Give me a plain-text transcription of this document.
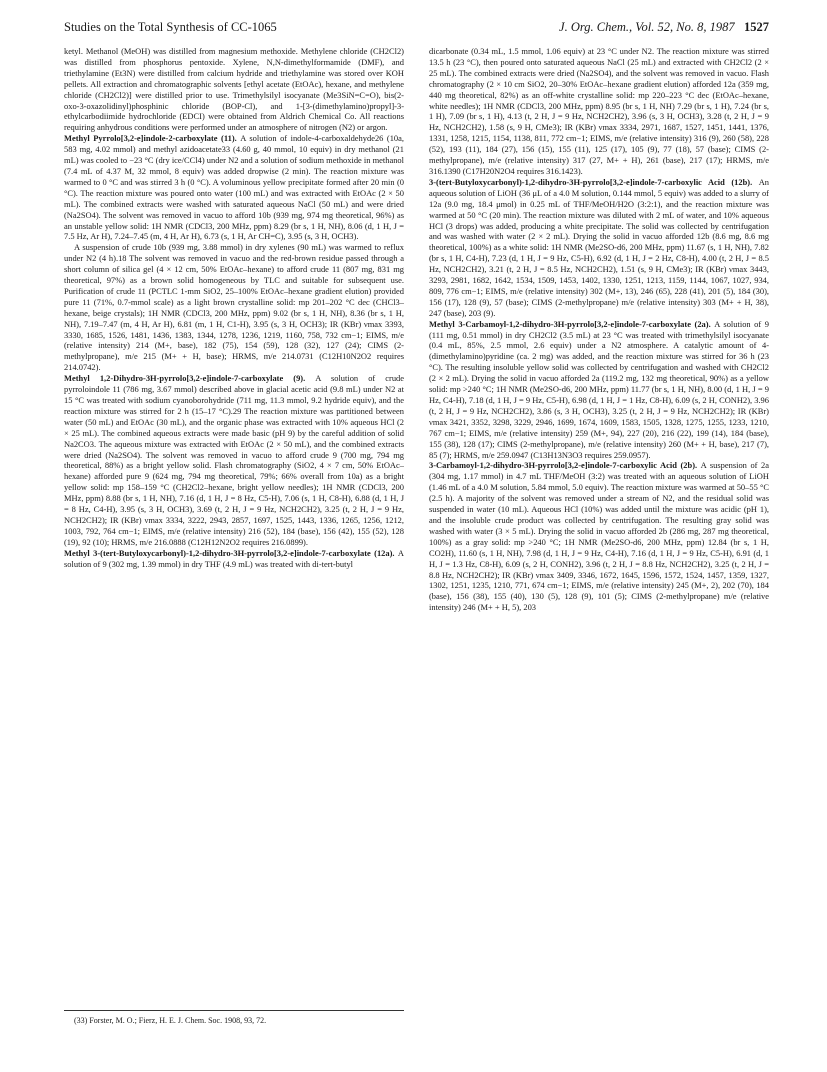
Studies on the Total Synthesis of CC-1065	J. Org. Chem., Vol. 52, No. 8, 1987 1527

ketyl. Methanol (MeOH) was distilled from magnesium methoxide. Methylene chloride (CH2Cl2) was distilled from phosphorus pentoxide. Xylene, N,N-dimethylformamide (DMF), and triethylamine (Et3N) were distilled from calcium hydride and triethylamine was stored over KOH pellets. All extraction and chromatographic solvents [ethyl acetate (EtOAc), hexane, and methylene chloride (CH2Cl2)] were distilled prior to use. Trimethylsilyl isocyanate (Me3SiN=C=O), bis(2-oxo-3-oxazolidinyl)phosphinic chloride (BOP-Cl), and 1-[3-(dimethylamino)propyl]-3-ethylcarbodiimide hydrochloride (EDCI) were obtained from Aldrich Chemical Co. All reactions requiring anhydrous conditions were performed under an atmosphere of nitrogen (N2) or argon.

Methyl Pyrrolo[3,2-e]indole-2-carboxylate (11). A solution of indole-4-carboxaldehyde26 (10a, 583 mg, 4.02 mmol) and methyl azidoacetate33 (4.60 g, 40 mmol, 10 equiv) in dry methanol (21 mL) was cooled to −23 °C (dry ice/CCl4) under N2 and a solution of sodium methoxide in methanol (7.4 mL of 4.37 M, 32 mmol, 8 equiv) was added dropwise (2 min). The reaction mixture was warmed to 0 °C and was stirred 3 h (0 °C). A voluminous yellow precipitate formed after 20 min (0 °C). The reaction mixture was poured onto water (100 mL) and was extracted with EtOAc (2 × 50 mL). The combined extracts were washed with saturated aqueous NaCl (50 mL) and were dried (Na2SO4). The solvent was removed in vacuo to afford 10b (939 mg, 974 mg theoretical, 96%) as an unstable yellow solid: 1H NMR (CDCl3, 200 MHz, ppm) 8.29 (br s, 1 H, NH), 8.06 (d, 1 H, J = 7.5 Hz, Ar H), 7.24–7.45 (m, 4 H, Ar H), 6.73 (s, 1 H, Ar CH=C), 3.95 (s, 3 H, OCH3).

A suspension of crude 10b (939 mg, 3.88 mmol) in dry xylenes (90 mL) was warmed to reflux under N2 (4 h).18 The solvent was removed in vacuo and the red-brown residue passed through a short column of silica gel (4 × 12 cm, 50% EtOAc–hexane) to afford crude 11 (807 mg, 831 mg theoretical, 97%) as a brown solid homogeneous by TLC and suitable for subsequent use. Purification of crude 11 (PCTLC 1-mm SiO2, 25–100% EtOAc–hexane gradient elution) provided pure 11 (71%, 0.7-mmol scale) as a light brown crystalline solid: mp 201–202 °C dec (CHCl3–hexane, beige crystals); 1H NMR (CDCl3, 200 MHz, ppm) 9.02 (br s, 1 H, NH), 8.36 (br s, 1 H, NH), 7.19–7.47 (m, 4 H, Ar H), 6.81 (m, 1 H, C1-H), 3.95 (s, 3 H, OCH3); IR (KBr) νmax 3393, 3330, 1685, 1526, 1481, 1436, 1383, 1344, 1278, 1236, 1219, 1160, 758, 732 cm−1; EIMS, m/e (relative intensity) 214 (M+, base), 182 (75), 154 (59), 128 (32), 127 (24); CIMS (2-methylpropane), m/e 215 (M+ + H, base); HRMS, m/e 214.0731 (C12H10N2O2 requires 214.0742).

Methyl 1,2-Dihydro-3H-pyrrolo[3,2-e]indole-7-carboxylate (9). A solution of crude pyrroloindole 11 (786 mg, 3.67 mmol) described above in glacial acetic acid (9.8 mL) under N2 at 15 °C was treated with sodium cyanoborohydride (711 mg, 11.3 mmol, 9.2 hydride equiv), and the reaction mixture was stirred for 2 h (15–17 °C).29 The reaction mixture was partitioned between water (50 mL) and EtOAc (30 mL), and the organic phase was extracted with 10% aqueous HCl (2 × 25 mL). The combined aqueous extracts were made basic (pH 9) by the careful addition of solid Na2CO3. The aqueous mixture was extracted with EtOAc (2 × 50 mL), and the combined extracts were dried (Na2SO4). The solvent was removed in vacuo to afford crude 9 (700 mg, 794 mg theoretical, 88%) as a bright yellow solid. Flash chromatography (SiO2, 4 × 7 cm, 50% EtOAc–hexane) afforded pure 9 (624 mg, 794 mg theoretical, 79%; 66% overall from 10a) as a bright yellow solid: mp 158–159 °C (CH2Cl2–hexane, bright yellow needles); 1H NMR (CDCl3, 200 MHz, ppm) 8.88 (br s, 1 H, NH), 7.16 (d, 1 H, J = 8 Hz, C5-H), 7.06 (s, 1 H, C8-H), 6.88 (d, 1 H, J = 8 Hz, C4-H), 3.95 (s, 3 H, OCH3), 3.69 (t, 2 H, J = 9 Hz, NCH2CH2), 3.25 (t, 2 H, J = 9 Hz, NCH2CH2); IR (KBr) νmax 3334, 3222, 2943, 2857, 1697, 1525, 1443, 1336, 1265, 1256, 1212, 1003, 792, 764 cm−1; EIMS, m/e (relative intensity) 216 (52), 184 (base), 156 (42), 155 (52), 128 (19), 92 (10); HRMS, m/e 216.0888 (C12H12N2O2 requires 216.0899).

Methyl 3-(tert-Butyloxycarbonyl)-1,2-dihydro-3H-pyrrolo[3,2-e]indole-7-carboxylate (12a). A solution of 9 (302 mg, 1.39 mmol) in dry THF (4.9 mL) was treated with di-tert-butyl

dicarbonate (0.34 mL, 1.5 mmol, 1.06 equiv) at 23 °C under N2. The reaction mixture was stirred 13.5 h (23 °C), then poured onto saturated aqueous NaCl (25 mL) and extracted with CH2Cl2 (2 × 25 mL). The combined extracts were dried (Na2SO4), and the solvent was removed in vacuo. Flash chromatography (2 × 10 cm SiO2, 20–30% EtOAc–hexane gradient elution) afforded 12a (359 mg, 440 mg theoretical, 82%) as an off-white crystalline solid: mp 220–223 °C dec (EtOAc–hexane, white needles); 1H NMR (CDCl3, 200 MHz, ppm) 8.95 (br s, 1 H, NH) 7.29 (br s, 1 H), 7.24 (br s, 1 H), 7.09 (br s, 1 H), 4.13 (t, 2 H, J = 9 Hz, NCH2CH2), 3.96 (s, 3 H, OCH3), 3.28 (t, 2 H, J = 9 Hz, NCH2CH2), 1.58 (s, 9 H, CMe3); IR (KBr) νmax 3334, 2971, 1687, 1527, 1451, 1441, 1376, 1331, 1258, 1215, 1154, 1138, 811, 772 cm−1; EIMS, m/e (relative intensity) 316 (9), 260 (58), 228 (52), 193 (11), 184 (27), 156 (15), 155 (11), 125 (17), 105 (9), 77 (18), 57 (base); CIMS (2-methylpropane), m/e (relative intensity) 317 (27, M+ + H), 261 (base), 217 (17); HRMS, m/e 316.1390 (C17H20N2O4 requires 316.1423).

3-(tert-Butyloxycarbonyl)-1,2-dihydro-3H-pyrrolo[3,2-e]indole-7-carboxylic Acid (12b). An aqueous solution of LiOH (36 μL of a 4.0 M solution, 0.144 mmol, 5 equiv) was added to a slurry of 12a (9.0 mg, 18.4 μmol) in 0.25 mL of THF/MeOH/H2O (3:2:1), and the reaction mixture was warmed at 50 °C (20 min). The reaction mixture was diluted with 2 mL of water, and 10% aqueous HCl (3 drops) was added, producing a white precipitate. The solid was collected by centrifugation and was washed with water (2 × 2 mL). Drying the solid in vacuo afforded 12b (8.6 mg, 8.6 mg theoretical, 100%) as a white solid: 1H NMR (Me2SO-d6, 200 MHz, ppm) 11.67 (s, 1 H, NH), 7.82 (br s, 1 H, C4-H), 7.23 (d, 1 H, J = 9 Hz, C5-H), 6.92 (d, 1 H, J = 2 Hz, C8-H), 4.00 (t, 2 H, J = 8.5 Hz, NCH2CH2), 3.21 (t, 2 H, J = 8.5 Hz, NCH2CH2), 1.51 (s, 9 H, CMe3); IR (KBr) νmax 3443, 3293, 2981, 1682, 1642, 1534, 1509, 1453, 1402, 1330, 1251, 1213, 1159, 1144, 1067, 1027, 934, 809, 776 cm−1; EIMS, m/e (relative intensity) 302 (M+, 13), 246 (65), 228 (41), 201 (5), 184 (30), 156 (17), 128 (9), 57 (base); CIMS (2-methylpropane) m/e (relative intensity) 303 (M+ + H, 38), 247 (base), 203 (9).

Methyl 3-Carbamoyl-1,2-dihydro-3H-pyrrolo[3,2-e]indole-7-carboxylate (2a). A solution of 9 (111 mg, 0.51 mmol) in dry CH2Cl2 (3.5 mL) at 23 °C was treated with trimethylsilyl isocyanate (0.4 mL, 85%, 2.5 mmol, 2.6 equiv) under a N2 atmosphere. A catalytic amount of 4-(dimethylamino)pyridine (ca. 2 mg) was added, and the reaction mixture was stirred for 36 h (23 °C). The resulting insoluble yellow solid was collected by centrifugation and washed with CH2Cl2 (2 × 2 mL). Drying the solid in vacuo afforded 2a (119.2 mg, 132 mg theoretical, 90%) as a yellow solid: mp >240 °C; 1H NMR (Me2SO-d6, 200 MHz, ppm) 11.77 (br s, 1 H, NH), 8.00 (d, 1 H, J = 9 Hz, C4-H), 7.18 (d, 1 H, J = 9 Hz, C5-H), 6.98 (d, 1 H, J = 1 Hz, C8-H), 6.09 (s, 2 H, CONH2), 3.96 (t, 2 H, J = 9 Hz, NCH2CH2), 3.86 (s, 3 H, OCH3), 3.25 (t, 2 H, J = 9 Hz, NCH2CH2); IR (KBr) νmax 3421, 3352, 3298, 3229, 2946, 1699, 1674, 1609, 1583, 1505, 1328, 1275, 1255, 1233, 1210, 767 cm−1; EIMS, m/e (relative intensity) 259 (M+, 94), 227 (20), 216 (22), 199 (14), 184 (base), 155 (38), 128 (17); CIMS (2-methylpropane), m/e (relative intensity) 260 (M+ + H, base), 217 (7), 85 (7); HRMS, m/e 259.0947 (C13H13N3O3 requires 259.0957).

3-Carbamoyl-1,2-dihydro-3H-pyrrolo[3,2-e]indole-7-carboxylic Acid (2b). A suspension of 2a (304 mg, 1.17 mmol) in 4.7 mL THF/MeOH (3:2) was treated with an aqueous solution of LiOH (1.46 mL of a 4.0 M solution, 5.84 mmol, 5.0 equiv). The reaction mixture was warmed at 50–55 °C (2.5 h). A majority of the solvent was removed under a stream of N2, and the residual solid was suspended in water (10 mL). Aqueous HCl (10%) was added until the mixture was acidic (pH 1), and the insoluble crude product was collected by centrifugation. The resulting gray solid was washed with water (3 × 5 mL). Drying the solid in vacuo afforded 2b (286 mg, 287 mg theoretical, 100%) as a gray solid: mp >240 °C; 1H NMR (Me2SO-d6, 200 MHz, ppm) 12.84 (br s, 1 H, CO2H), 11.60 (s, 1 H, NH), 7.98 (d, 1 H, J = 9 Hz, C4-H), 7.16 (d, 1 H, J = 9 Hz, C5-H), 6.91 (d, 1 H, J = 1.3 Hz, C8-H), 6.09 (s, 2 H, CONH2), 3.96 (t, 2 H, J = 8.8 Hz, NCH2CH2), 3.25 (t, 2 H, J = 8.8 Hz, NCH2CH2); IR (KBr) νmax 3409, 3346, 1672, 1645, 1596, 1572, 1524, 1457, 1359, 1327, 1302, 1251, 1235, 1210, 771, 674 cm−1; EIMS, m/e (relative intensity) 245 (M+, 2), 202 (70), 184 (base), 156 (38), 155 (40), 130 (5), 128 (9), 101 (5); CIMS (2-methylpropane) m/e (relative intensity) 246 (M+ + H, 5), 203

(33) Forster, M. O.; Fierz, H. E. J. Chem. Soc. 1908, 93, 72.
